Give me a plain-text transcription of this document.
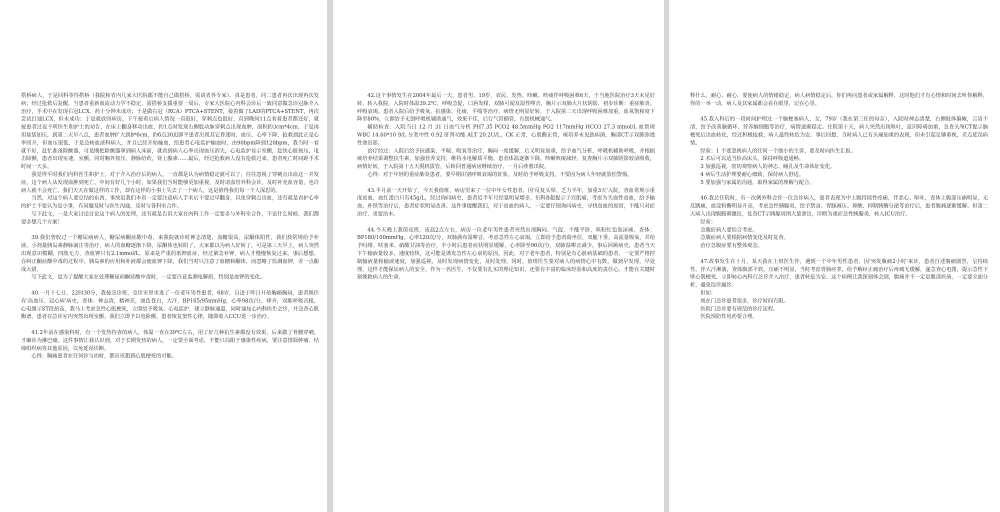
搭桥病人，于是回科等待搭桥（我院和省内几家大医院都不能自己做搭桥，需请省外专家）。真是患者，同二患者再次出现再次发病；经过抢救后复醒，当患者重新血流动力学不稳定、需搭桥支援重要一周后，专家大医院心内科会诊后一致同意做急诊冠脉介入治疗，手术中在发现右冠LCX、药十分钟未成功；于是做右冠（RCA）PTCA+STENT，接着做了LAD的PTCA+STENT，再次尝试打通LCX，但未成功；于是就放回病房，下午接着后病人情况一直很好，穿刺点也很好，直到晚间11点看着患者都还好，就接患者过夜不听医生和护士的劝告，在床上翻身移动出血，约1点时发现右侧股动脉穿刺点出现血肿，面积约3cm*4cm，于是再用盐袋加压，到第二天早八点，患者血肿扩大到8*6cm，约6点30迅即平患者出现其它昏迷时，血压、心率下降，抢救到此正是心率回升，但血压很低，于是急转血液科病人，并且已经开始输血，给患者心电监护输血时，由90bpm降到120bpm，我当时一看就不好，赶忙准备除颤器，可是刚把除颤器拿到病人床前，就看到病人心率出现血压消失，心电监护显示室颤，赶快心脏按压、电击除颤，患者出现室速、室颤，同时胸外按压，静脉给药，肾上腺素……最后，经过抢救病人没有抢救过来，患者死亡时间距手术时间一天多。

我觉得平时我们内科医生和护士，对于介入治疗后的病人，一直都是认为病情稳定就可以了，往往忽视了穿刺点出血这一并发症。这个病人从发现血肿到死亡，中间有好几个小时，如果我们当时能够更加重视，及时请血管外科会诊，及时补充血容量，也许病人就不会死亡。我们天天在做这样的工作，却在这样的小事上失去了一个病人，这是值得我们每一个人深思的。

当然，对这个病人要总结的东西，事故是我们本省一定要注意病人手术后不要过早翻身，以免穿刺点出血，还有就是看护心率的护士不要认为是小事，有问题及时与医生沟通，及时与各科室合作。

写下此文，一是大家讨论讨论这个病人的处理，还有就是告诉大家在内科工作一定要多与外科室合作，不论什么时候，我们都要多想几个方案！

39.我们曾收过一个糖尿病病人，糖尿病酮症酸中毒，来我院就诊时神志清楚，血糖很高，尿酮体阳性，我们按常规给予补液、小剂量胰岛素静脉滴注等治疗，病人的血糖逐渐下降，尿酮体也转阴了，大家都以为病人好转了。可是第三天早上，病人突然出现意识模糊，四肢无力，查血钾只有2.1mmol/L，原来是严重的低钾血症，经过紧急补钾，病人才慢慢恢复过来。事后想想，在纠正酮症酸中毒的过程中，胰岛素的应用和补液都会使血钾下降，我们当时只注意了血糖和酮体，而忽略了监测血钾，差一点酿成大错。

写下此文，是为了提醒大家在处理糖尿病酮症酸中毒时，一定要注意监测电解质，特别是血钾的变化。

40.一月十七日，22时30分，我接急诊班，急诊室里坐进了一位老年男性患者，68岁，自述于昨日开始胸痛胸闷，患者既往有'高血压、冠心病'病史，查体：神志清，精神差，面色苍白，大汗，BP165/95mmHg，心率98次/分，律齐，双肺呼吸音粗，心电图示ST段抬高，我马上考虑急性心肌梗死，立即给予吸氧、心电监护，建立静脉通道，同时通知心内科医生会诊，并急查心肌酶谱，患者在急诊室内突然出现室颤，我们立即予以电除颤，患者恢复窦性心律，随即收入CCU进一步治疗。

41.2年前在感染科时，有一个发热待查的病人，体温一直在39℃左右，用了好几种抗生素都没有效果，后来做了骨髓穿刺，才确诊为淋巴瘤。这件事情让我认识到，对于长期发热的病人，一定要全面考虑，不能只局限于感染性疾病，要注意排除肿瘤、结缔组织病等其他原因，以免延误诊断。

心得：胸痛患者在任何诊与治时，都应该想到心肌梗死的可能。

42.这个事情发生在2004年最后一天，患者男，19岁，农民，发热、咳嗽、咳痰伴呼吸困难6天，于当地医院治疗3天未见好转，转入我院，入院时体温39.2℃，呼吸急促，口唇发绀，双肺可闻及湿性啰音，胸片示双肺大片状阴影，初步诊断：重症肺炎、呼吸衰竭。患者入院后给予吸氧、抗感染、化痰、平喘等治疗，病情无明显好转，于入院第二天出现呼吸困难加重，血氧饱和度下降至80%，立即给予无创呼吸机辅助通气，效果不佳，后行气管插管，有创机械通气。

辅助检查：入院当日 12 月 31 日血气分析 PH7.35 PCO2 48.5mmHg PO2 117mmHg HCO3 27.3 mmol/L 血常规 WBC 14.60*10 9/L 分类中性 0.92 肝肾功能 ALT 20.2U/L，CK 正常，心肌酶正常，痰培养未见致病菌，胸部CT示双肺弥漫性渗出影。

治疗经过：入院后给予抗感染、平喘、吸氧等治疗，胸闷一度缓解，后又明显加重，给予血气分析，呼吸机辅助呼吸，并根据痰培养结果调整抗生素，加强营养支持，维持水电解质平衡，患者体温逐渐下降，咳嗽咳痰减轻，复查胸片示双肺阴影较前吸收，病情好转，于入院第十五天脱机拔管，后转回普通病房继续治疗，一月后痊愈出院。

心得：对于年轻的重症肺炎患者，要早期识别呼吸衰竭的征象，及时给予呼吸支持，不要因为病人年轻就放松警惕。

43.半月前一天开始了，今天我值班，病房里来了一位中年女性患者，因'反复头晕、乏力半年，加重3天'入院，查血常规示重度贫血，血红蛋白只有45g/L，经过询问病史，患者近半年月经量明显增多，妇科B超提示子宫肌瘤，考虑为失血性贫血，给予输血、补铁等治疗后，患者症状明显改善。这件事提醒我们，对于贫血的病人，一定要仔细询问病史，寻找贫血的原因，不能只对症治疗，更要治本。

44.今天晚上我值夜班，凌晨2点左右，病房一位老年男性患者突然出现胸闷、气促，不能平卧，咳粉红色泡沫痰，查体：BP180/100mmHg，心率120次/分，双肺满布湿啰音，考虑急性左心衰竭，立即给予患者端坐位，双腿下垂，高流量吸氧，并给予吗啡、呋塞米、硝酸甘油等治疗，半小时后患者症状明显缓解，心率降至90次/分，双肺湿啰音减少。事后回顾病史，患者当天下午输液量较多，速度较快，这可能是诱发急性左心衰的原因。因此，对于老年患者，特别是有心脏病基础的患者，一定要严格控制输液量和输液速度，加强巡视，及时发现病情变化，及时处理。同时，值班医生要对病人的病情心中有数，做到早发现、早处理，这样才能保证病人的安全。作为一名医生，不仅要有扎实的理论知识，还要有丰富的临床经验和高度的责任心，才能在关键时刻挽救病人的生命。

释什么，耐心、耐心，要使病人的情绪稳定，病人病情稳定后，你们再向患者或家属解释，这时他们才有心情和时间去听你解释，你的一举一动，病人及其家属都会看在眼里，记在心里。

45.我入科后的一段时间护理过一个脑梗塞病人，女，79岁（我在第三任的母亲），入院时神志清楚，右侧肢体偏瘫，言语不清，给予改善脑循环、营养脑细胞等治疗，病情逐渐稳定。住院第十天，病人突然出现呕吐，意识障碍加重，急查头颅CT提示脑梗死后出血转化，经过积极抢救，病人最终转危为安。事后回想，当时病人已有头痛加重的表现，但未引起足够重视，差点延误病情。

经验：1 不要忽视病人的任何一个细小的主诉，要及时向医生汇报。

2 术后可以适当抬高床头，保持呼吸道通畅。

3 加强巡视，密切观察病人的神志、瞳孔及生命体征变化。

4 病后生活护理要耐心细致，保持病人舒适。

5 要加强与家属的沟通，取得家属的理解与配合。

46.我总任院时，有一次例外科会诊一位急诊病人，患者表现为中上腹持续性疼痛，伴恶心、呕吐，查体上腹部压痛明显，无反跳痛，血淀粉酶明显升高，考虑急性胰腺炎，给予禁食、胃肠减压、抑酸、抑制胰酶分泌等治疗后，患者腹痛逐渐缓解。但第二天病人出现腹膜刺激征，复查CT示胰腺周围大量渗出，诊断为重症急性胰腺炎，转入ICU治疗。

经验：

急腹症病人要综合考虑。

急腹症病人要根据病情变化及时复查。

治疗急腹症要有整体观念。

47.故事发生在十月，某天我在上班医生作，遇到一个中年男性患者，因'突发腹痛2小时'来诊，患者自述腹痛剧烈，呈持续性，伴大汗淋漓，查体腹部平软，压痛不明显，当时考虑胃肠痉挛，给予解痉止痛治疗后疼痛无缓解，遂急查心电图，提示急性下壁心肌梗死，立即转心内科行急诊介入治疗，患者转危为安。这个病例让我深刻体会到，腹痛并不一定是腹部疾病，一定要全面分析，避免误诊漏诊。

但如：

现在门急诊患者很多，诊疗时间有限。

医院门急诊要有规范的诊疗流程。

医院预防性用药要合理。
